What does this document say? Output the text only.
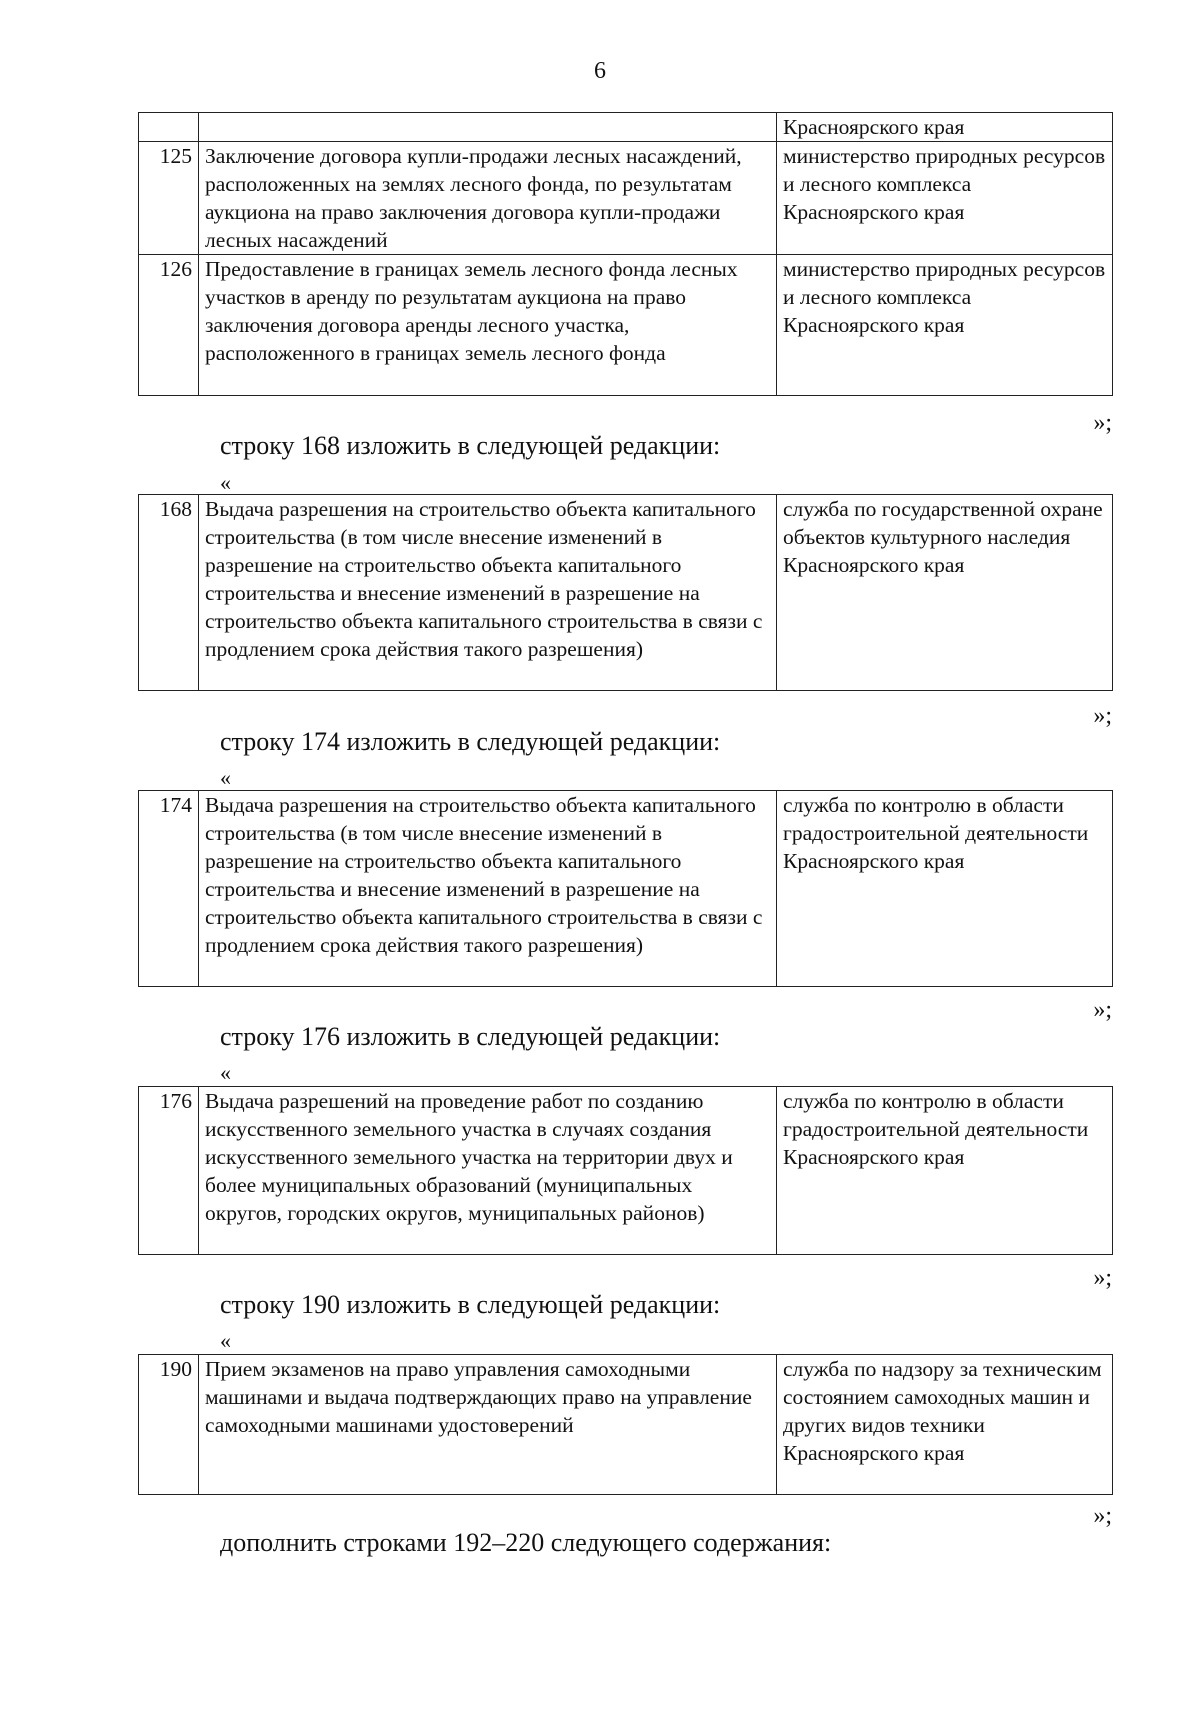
6
		Красноярского края
125	Заключение договора купли-продажи лесных насаждений, расположенных на землях лесного фонда, по результатам аукциона на право заключения договора купли-продажи лесных насаждений	министерство природных ресурсов и лесного комплекса Красноярского края
126	Предоставление в границах земель лесного фонда лесных участков в аренду по результатам аукциона на право заключения договора аренды лесного участка, расположенного в границах земель лесного фонда	министерство природных ресурсов и лесного комплекса Красноярского края
»;
строку 168 изложить в следующей редакции:
«
168	Выдача разрешения на строительство объекта капитального строительства (в том числе внесение изменений в разрешение на строительство объекта капитального строительства и внесение изменений в разрешение на строительство объекта капитального строительства в связи с продлением срока действия такого разрешения)	служба по государственной охране объектов культурного наследия Красноярского края
»;
строку 174 изложить в следующей редакции:
«
174	Выдача разрешения на строительство объекта капитального строительства (в том числе внесение изменений в разрешение на строительство объекта капитального строительства и внесение изменений в разрешение на строительство объекта капитального строительства в связи с продлением срока действия такого разрешения)	служба по контролю в области градостроительной деятельности Красноярского края
»;
строку 176 изложить в следующей редакции:
«
176	Выдача разрешений на проведение работ по созданию искусственного земельного участка в случаях создания искусственного земельного участка на территории двух и более муниципальных образований (муниципальных округов, городских округов, муниципальных районов)	служба по контролю в области градостроительной деятельности Красноярского края
»;
строку 190 изложить в следующей редакции:
«
190	Прием экзаменов на право управления самоходными машинами и выдача подтверждающих право на управление самоходными машинами удостоверений	служба по надзору за техническим состоянием самоходных машин и других видов техники Красноярского края
»;
дополнить строками 192–220 следующего содержания:
